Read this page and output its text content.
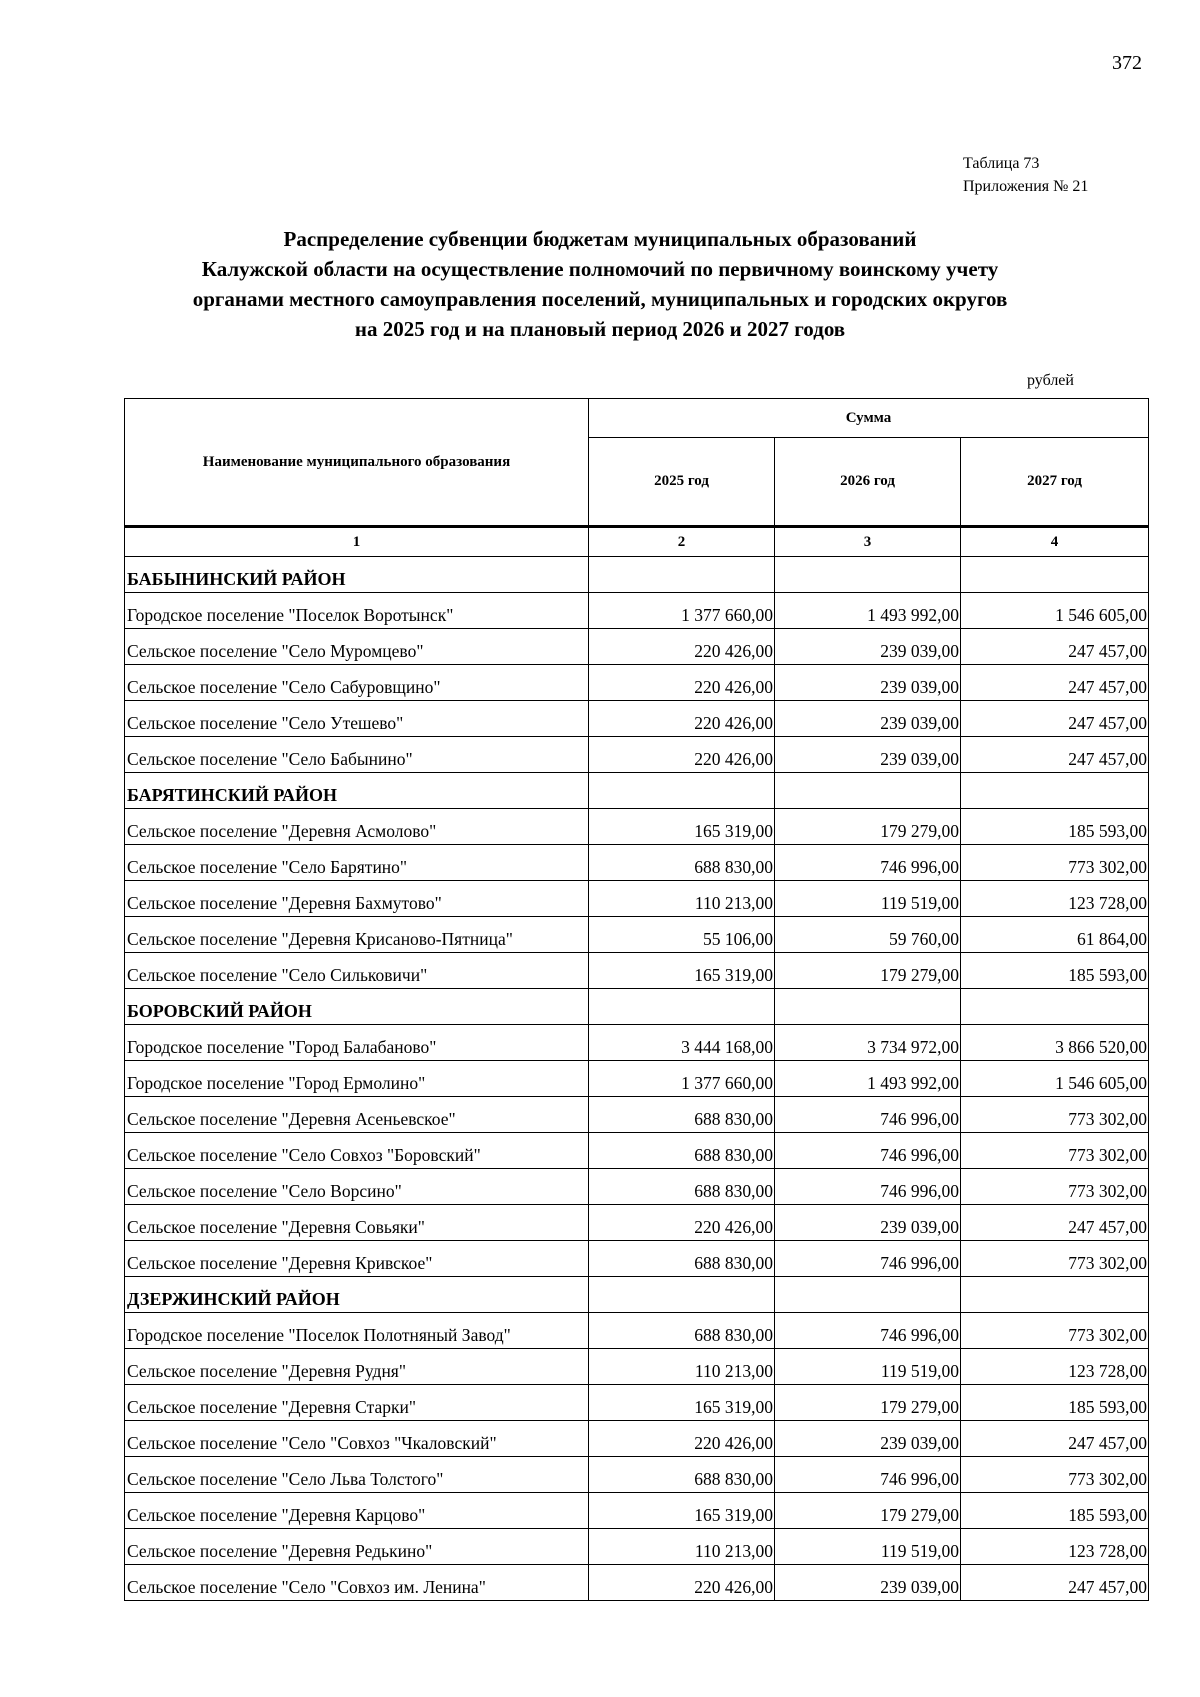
372
Таблица 73
Приложения № 21
Распределение субвенции бюджетам муниципальных образований
Калужской области на осуществление полномочий по первичному воинскому учету
органами местного самоуправления поселений, муниципальных и городских округов
на 2025 год и на плановый период 2026 и 2027 годов
рублей
Наименование муниципального образования	Сумма		
	2025 год	2026 год	2027 год
1	2	3	4
БАБЫНИНСКИЙ РАЙОН			
Городское поселение "Поселок Воротынск"	1 377 660,00	1 493 992,00	1 546 605,00
Сельское поселение "Село Муромцево"	220 426,00	239 039,00	247 457,00
Сельское поселение "Село Сабуровщино"	220 426,00	239 039,00	247 457,00
Сельское поселение "Село Утешево"	220 426,00	239 039,00	247 457,00
Сельское поселение "Село Бабынино"	220 426,00	239 039,00	247 457,00
БАРЯТИНСКИЙ РАЙОН			
Сельское поселение "Деревня Асмолово"	165 319,00	179 279,00	185 593,00
Сельское поселение "Село Барятино"	688 830,00	746 996,00	773 302,00
Сельское поселение "Деревня Бахмутово"	110 213,00	119 519,00	123 728,00
Сельское поселение "Деревня Крисаново-Пятница"	55 106,00	59 760,00	61 864,00
Сельское поселение "Село Сильковичи"	165 319,00	179 279,00	185 593,00
БОРОВСКИЙ РАЙОН			
Городское поселение "Город Балабаново"	3 444 168,00	3 734 972,00	3 866 520,00
Городское поселение "Город Ермолино"	1 377 660,00	1 493 992,00	1 546 605,00
Сельское поселение "Деревня Асеньевское"	688 830,00	746 996,00	773 302,00
Сельское поселение "Село Совхоз "Боровский"	688 830,00	746 996,00	773 302,00
Сельское поселение "Село Ворсино"	688 830,00	746 996,00	773 302,00
Сельское поселение "Деревня Совьяки"	220 426,00	239 039,00	247 457,00
Сельское поселение "Деревня Кривское"	688 830,00	746 996,00	773 302,00
ДЗЕРЖИНСКИЙ РАЙОН			
Городское поселение "Поселок Полотняный Завод"	688 830,00	746 996,00	773 302,00
Сельское поселение "Деревня Рудня"	110 213,00	119 519,00	123 728,00
Сельское поселение "Деревня Старки"	165 319,00	179 279,00	185 593,00
Сельское поселение "Село "Совхоз "Чкаловский"	220 426,00	239 039,00	247 457,00
Сельское поселение "Село Льва Толстого"	688 830,00	746 996,00	773 302,00
Сельское поселение "Деревня Карцово"	165 319,00	179 279,00	185 593,00
Сельское поселение "Деревня Редькино"	110 213,00	119 519,00	123 728,00
Сельское поселение "Село "Совхоз им. Ленина"	220 426,00	239 039,00	247 457,00
